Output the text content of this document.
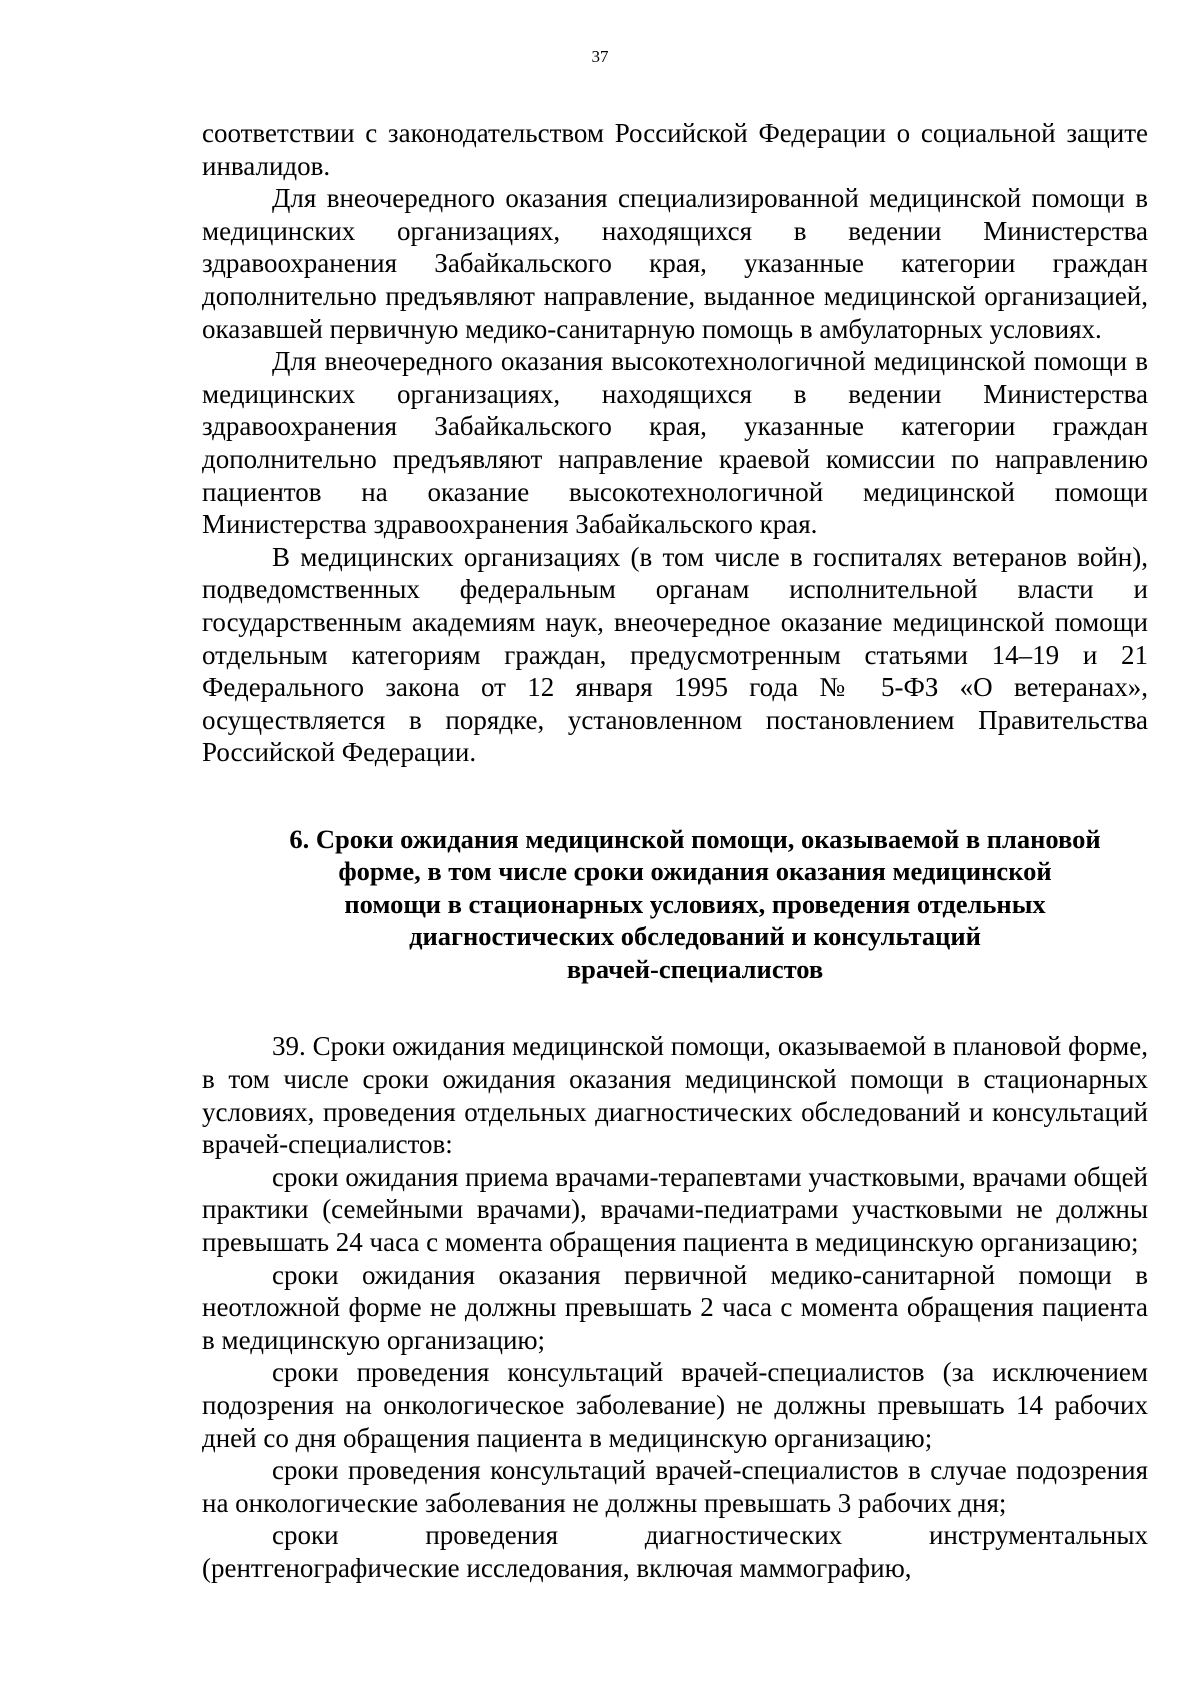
37

соответствии с законодательством Российской Федерации о социальной защите инвалидов.

Для внеочередного оказания специализированной медицинской помощи в медицинских организациях, находящихся в ведении Министерства здравоохранения Забайкальского края, указанные категории граждан дополнительно предъявляют направление, выданное медицинской организацией, оказавшей первичную медико-санитарную помощь в амбулаторных условиях.

Для внеочередного оказания высокотехнологичной медицинской помощи в медицинских организациях, находящихся в ведении Министерства здравоохранения Забайкальского края, указанные категории граждан дополнительно предъявляют направление краевой комиссии по направлению пациентов на оказание высокотехнологичной медицинской помощи Министерства здравоохранения Забайкальского края.

В медицинских организациях (в том числе в госпиталях ветеранов войн), подведомственных федеральным органам исполнительной власти и государственным академиям наук, внеочередное оказание медицинской помощи отдельным категориям граждан, предусмотренным статьями 14–19 и 21 Федерального закона от 12 января 1995 года № 5-ФЗ «О ветеранах», осуществляется в порядке, установленном постановлением Правительства Российской Федерации.

6. Сроки ожидания медицинской помощи, оказываемой в плановой
форме, в том числе сроки ожидания оказания медицинской
помощи в стационарных условиях, проведения отдельных
диагностических обследований и консультаций
врачей-специалистов

39. Сроки ожидания медицинской помощи, оказываемой в плановой форме, в том числе сроки ожидания оказания медицинской помощи в стационарных условиях, проведения отдельных диагностических обследований и консультаций врачей-специалистов:

сроки ожидания приема врачами-терапевтами участковыми, врачами общей практики (семейными врачами), врачами-педиатрами участковыми не должны превышать 24 часа с момента обращения пациента в медицинскую организацию;

сроки ожидания оказания первичной медико-санитарной помощи в неотложной форме не должны превышать 2 часа с момента обращения пациента в медицинскую организацию;

сроки проведения консультаций врачей-специалистов (за исключением подозрения на онкологическое заболевание) не должны превышать 14 рабочих дней со дня обращения пациента в медицинскую организацию;

сроки проведения консультаций врачей-специалистов в случае подозрения на онкологические заболевания не должны превышать 3 рабочих дня;

сроки проведения диагностических инструментальных (рентгенографические исследования, включая маммографию,
